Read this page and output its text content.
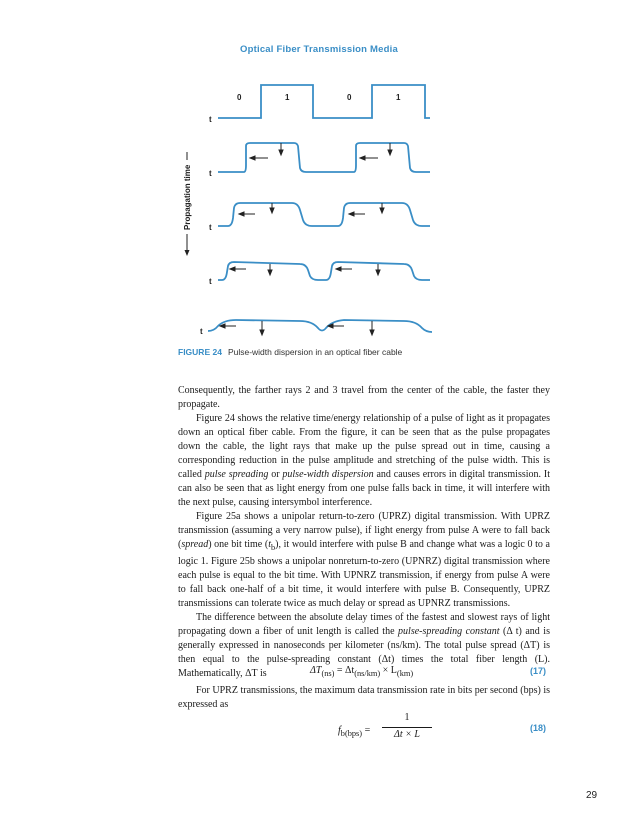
Optical Fiber Transmission Media
0	1	0	1
t
t
t
t
t
Propagation time
FIGURE 24 Pulse-width dispersion in an optical fiber cable

Consequently, the farther rays 2 and 3 travel from the center of the cable, the faster they propagate.

Figure 24 shows the relative time/energy relationship of a pulse of light as it propagates down an optical fiber cable. From the figure, it can be seen that as the pulse propagates down the cable, the light rays that make up the pulse spread out in time, causing a corresponding reduction in the pulse amplitude and stretching of the pulse width. This is called pulse spreading or pulse-width dispersion and causes errors in digital transmission. It can also be seen that as light energy from one pulse falls back in time, it will interfere with the next pulse, causing intersymbol interference.

Figure 25a shows a unipolar return-to-zero (UPRZ) digital transmission. With UPRZ transmission (assuming a very narrow pulse), if light energy from pulse A were to fall back (spread) one bit time $(t_b)$, it would interfere with pulse B and change what was a logic 0 to a logic 1. Figure 25b shows a unipolar nonreturn-to-zero (UPNRZ) digital transmission where each pulse is equal to the bit time. With UPNRZ transmission, if energy from pulse A were to fall back one-half of a bit time, it would interfere with pulse B. Consequently, UPRZ transmissions can tolerate twice as much delay or spread as UPNRZ transmissions.

The difference between the absolute delay times of the fastest and slowest rays of light propagating down a fiber of unit length is called the pulse-spreading constant (Δ t) and is generally expressed in nanoseconds per kilometer (ns/km). The total pulse spread (ΔT) is then equal to the pulse-spreading constant (Δt) times the total fiber length (L). Mathematically, ΔT is	$\Delta T_{(ns)} = \Delta t_{(ns/km)} \times L_{(km)}$	(17)

For UPRZ transmissions, the maximum data transmission rate in bits per second (bps) is expressed as

$f_{b(bps)}$ =
1
Δt × L
(18)
29
